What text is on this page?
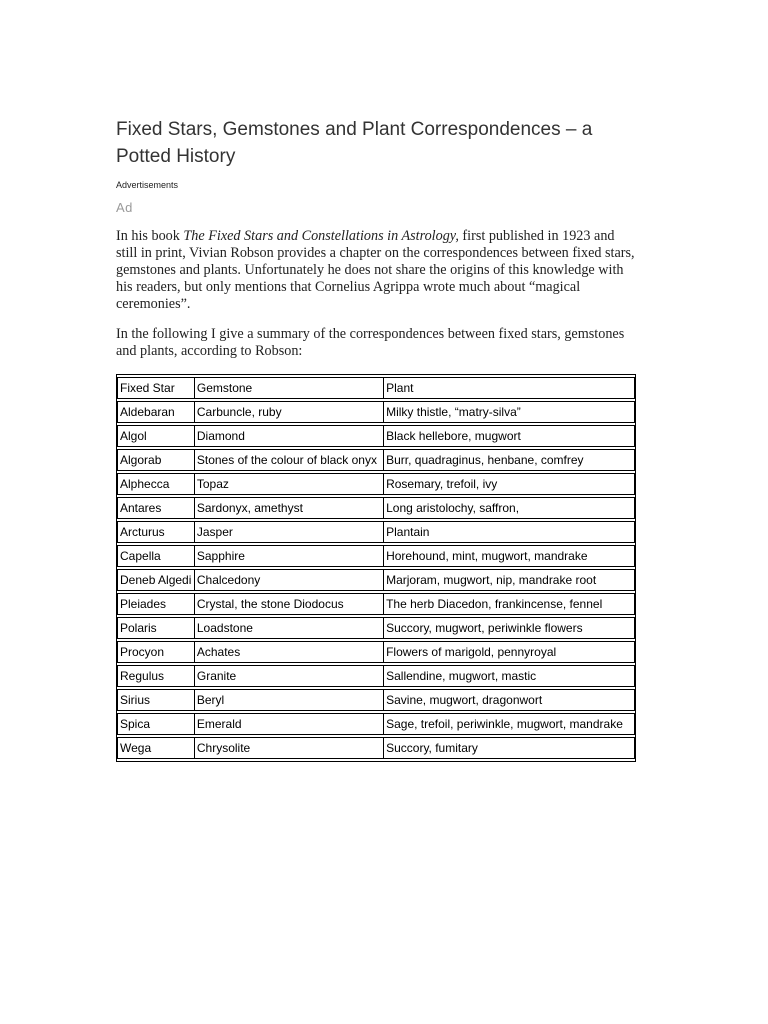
Fixed Stars, Gemstones and Plant Correspondences – a Potted History
Advertisements
Ad

In his book The Fixed Stars and Constellations in Astrology, first published in 1923 and still in print, Vivian Robson provides a chapter on the correspondences between fixed stars, gemstones and plants. Unfortunately he does not share the origins of this knowledge with his readers, but only mentions that Cornelius Agrippa wrote much about “magical ceremonies”.

In the following I give a summary of the correspondences between fixed stars, gemstones and plants, according to Robson:

Fixed Star	Gemstone	Plant
Aldebaran	Carbuncle, ruby	Milky thistle, “matry-silva”
Algol	Diamond	Black hellebore, mugwort
Algorab	Stones of the colour of black onyx	Burr, quadraginus, henbane, comfrey
Alphecca	Topaz	Rosemary, trefoil, ivy
Antares	Sardonyx, amethyst	Long aristolochy, saffron,
Arcturus	Jasper	Plantain
Capella	Sapphire	Horehound, mint, mugwort, mandrake
Deneb Algedi	Chalcedony	Marjoram, mugwort, nip, mandrake root
Pleiades	Crystal, the stone Diodocus	The herb Diacedon, frankincense, fennel
Polaris	Loadstone	Succory, mugwort, periwinkle flowers
Procyon	Achates	Flowers of marigold, pennyroyal
Regulus	Granite	Sallendine, mugwort, mastic
Sirius	Beryl	Savine, mugwort, dragonwort
Spica	Emerald	Sage, trefoil, periwinkle, mugwort, mandrake
Wega	Chrysolite	Succory, fumitary
